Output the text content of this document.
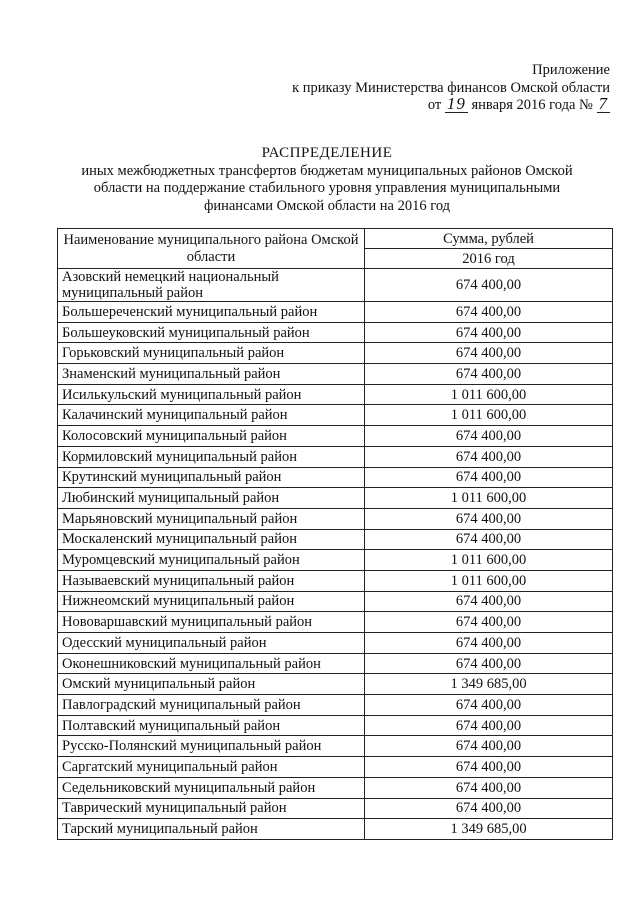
Приложение
к приказу Министерства финансов Омской области
от 19 января 2016 года № 7
РАСПРЕДЕЛЕНИЕ
иных межбюджетных трансфертов бюджетам муниципальных районов Омской
области на поддержание стабильного уровня управления муниципальными
финансами Омской области на 2016 год
Наименование муниципального района Омской области	Сумма, рублей
	2016 год
Азовский немецкий национальный муниципальный район	674 400,00
Большереченский муниципальный район	674 400,00
Большеуковский муниципальный район	674 400,00
Горьковский муниципальный район	674 400,00
Знаменский муниципальный район	674 400,00
Исилькульский муниципальный район	1 011 600,00
Калачинский муниципальный район	1 011 600,00
Колосовский муниципальный район	674 400,00
Кормиловский муниципальный район	674 400,00
Крутинский муниципальный район	674 400,00
Любинский муниципальный район	1 011 600,00
Марьяновский муниципальный район	674 400,00
Москаленский муниципальный район	674 400,00
Муромцевский муниципальный район	1 011 600,00
Называевский муниципальный район	1 011 600,00
Нижнеомский муниципальный район	674 400,00
Нововаршавский муниципальный район	674 400,00
Одесский муниципальный район	674 400,00
Оконешниковский муниципальный район	674 400,00
Омский муниципальный район	1 349 685,00
Павлоградский муниципальный район	674 400,00
Полтавский муниципальный район	674 400,00
Русско-Полянский муниципальный район	674 400,00
Саргатский муниципальный район	674 400,00
Седельниковский муниципальный район	674 400,00
Таврический муниципальный район	674 400,00
Тарский муниципальный район	1 349 685,00
